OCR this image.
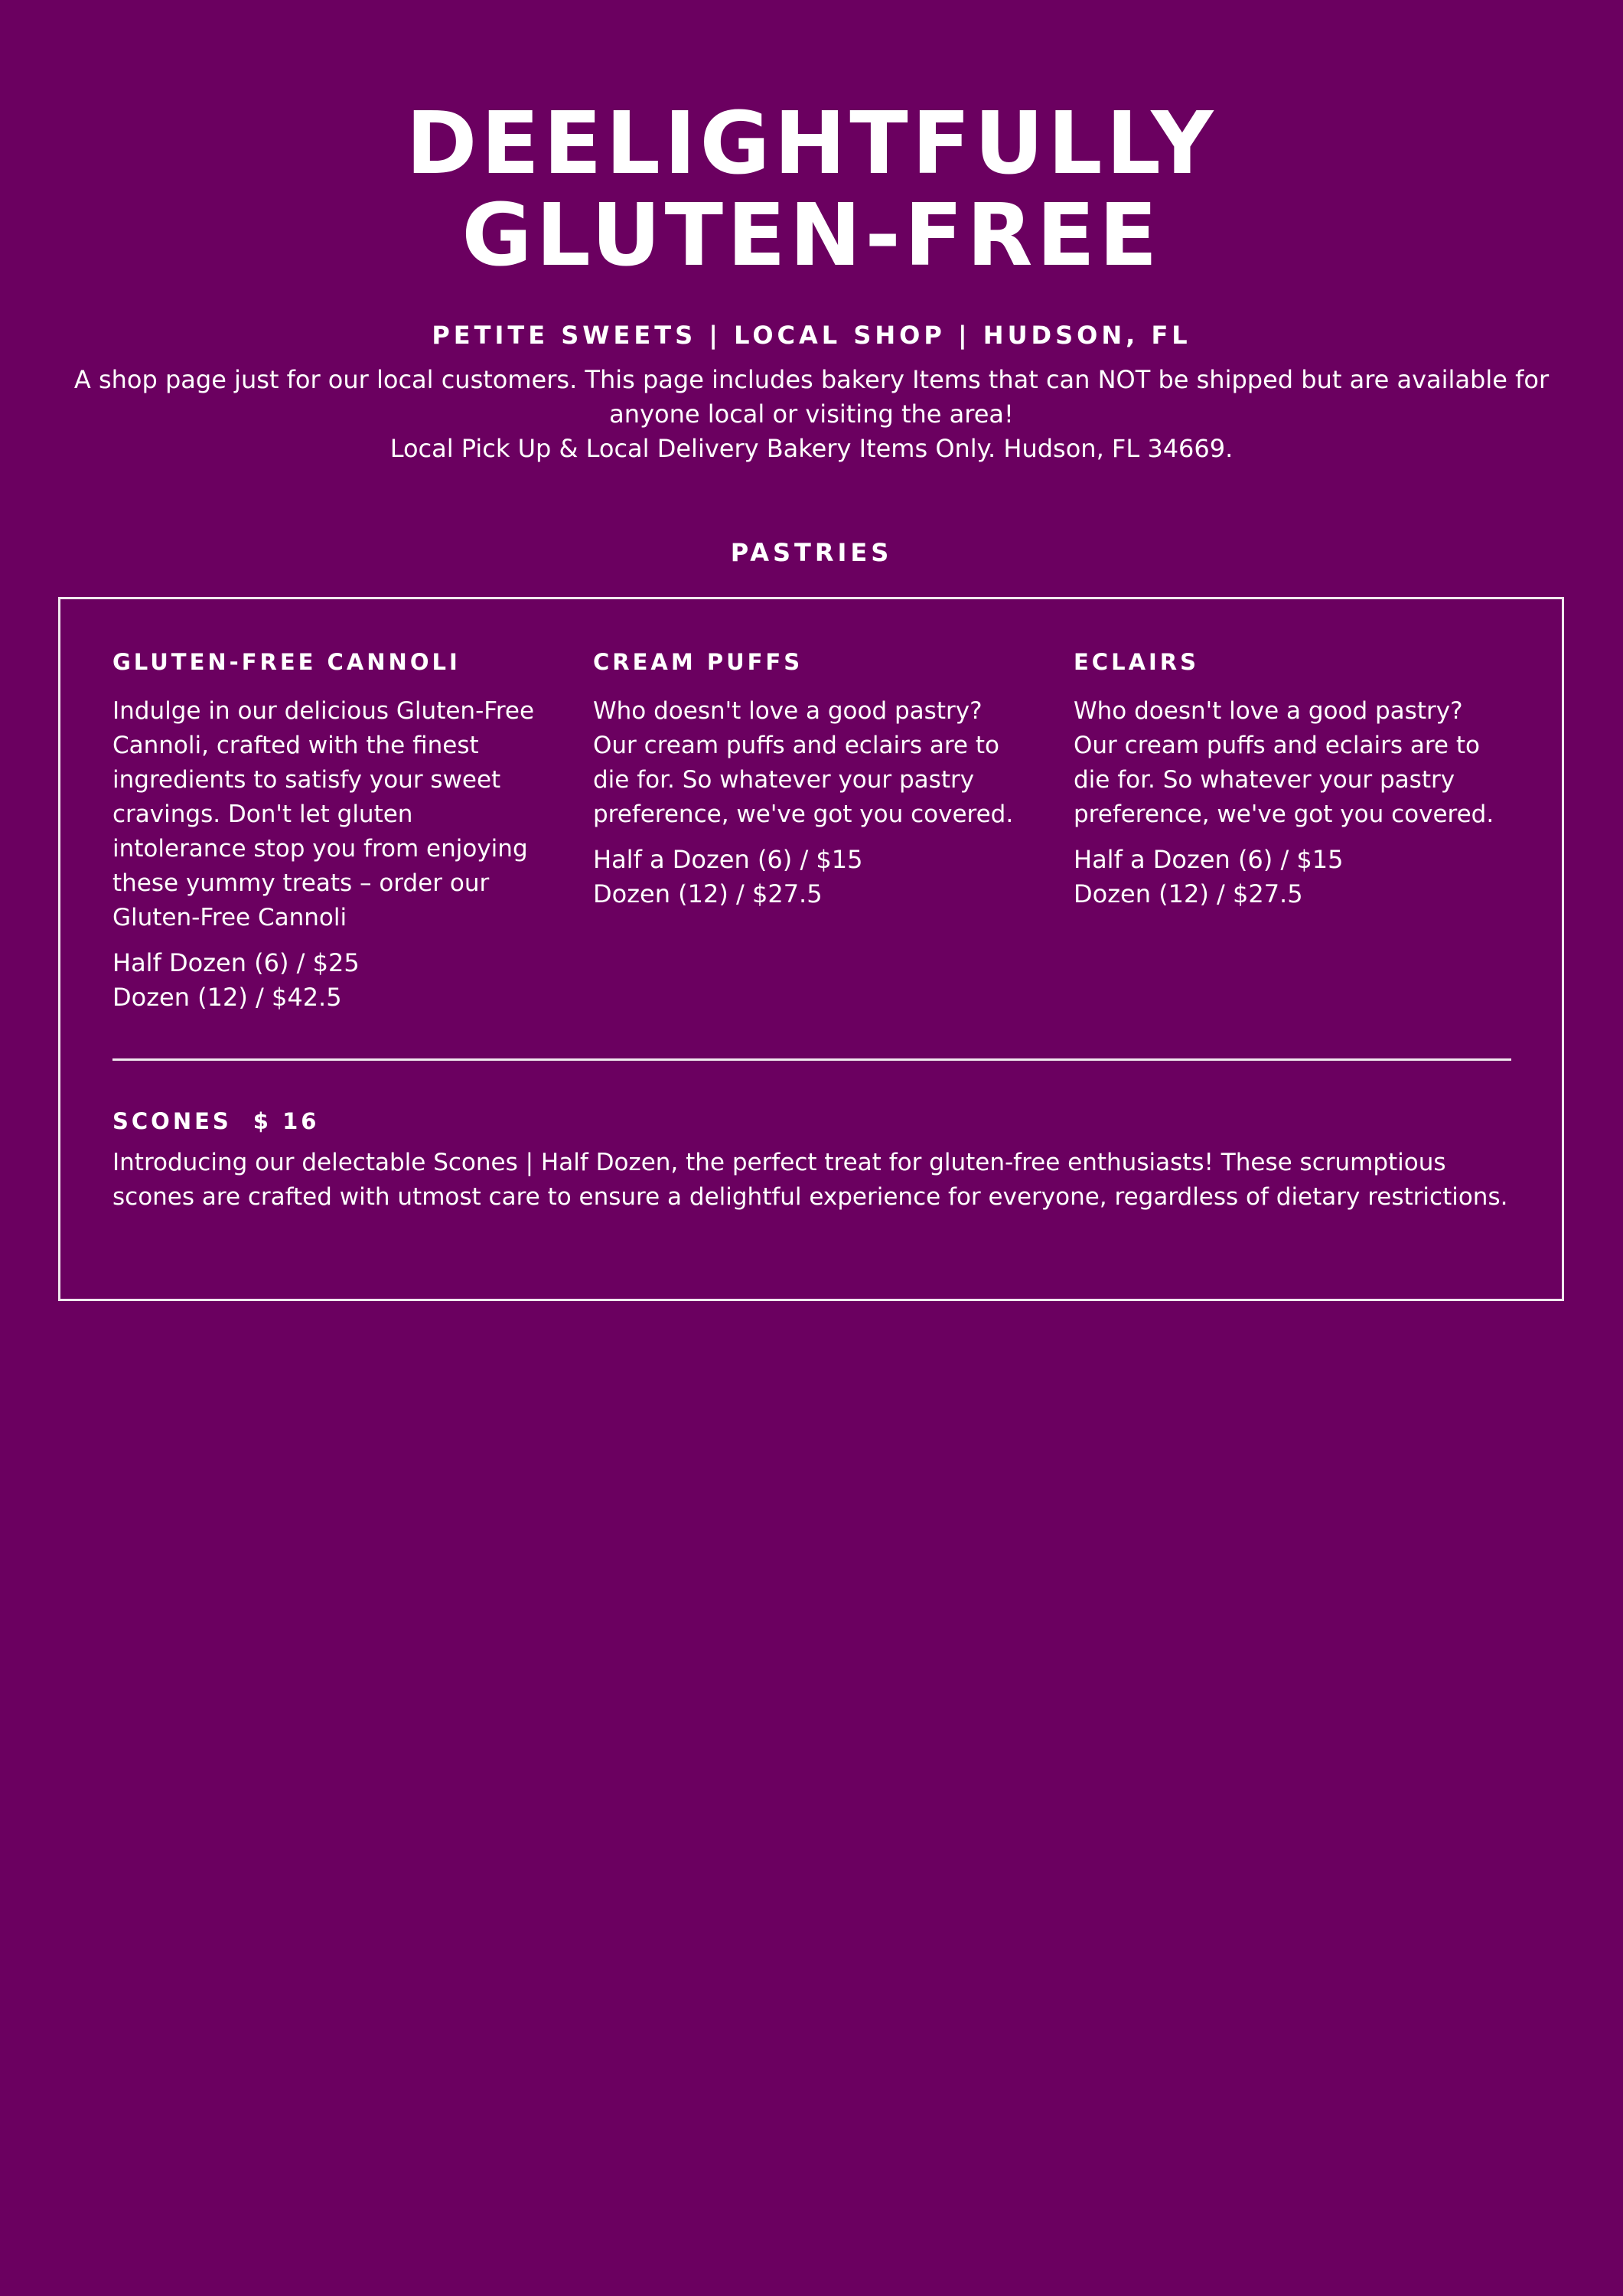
DEELIGHTFULLY
GLUTEN-FREE
PETITE SWEETS | LOCAL SHOP | HUDSON, FL

A shop page just for our local customers. This page includes bakery Items that can NOT be shipped but are available for anyone local or visiting the area!

Local Pick Up & Local Delivery Bakery Items Only. Hudson, FL 34669.

PASTRIES
GLUTEN-FREE CANNOLI

Indulge in our delicious Gluten-Free Cannoli, crafted with the finest ingredients to satisfy your sweet cravings. Don't let gluten intolerance stop you from enjoying these yummy treats – order our Gluten-Free Cannoli

Half Dozen (6) / $25

Dozen (12) / $42.5

CREAM PUFFS

Who doesn't love a good pastry? Our cream puffs and eclairs are to die for. So whatever your pastry preference, we've got you covered.

Half a Dozen (6) / $15

Dozen (12) / $27.5

ECLAIRS

Who doesn't love a good pastry? Our cream puffs and eclairs are to die for. So whatever your pastry preference, we've got you covered.

Half a Dozen (6) / $15

Dozen (12) / $27.5

SCONES $ 16

Introducing our delectable Scones | Half Dozen, the perfect treat for gluten-free enthusiasts! These scrumptious scones are crafted with utmost care to ensure a delightful experience for everyone, regardless of dietary restrictions.
